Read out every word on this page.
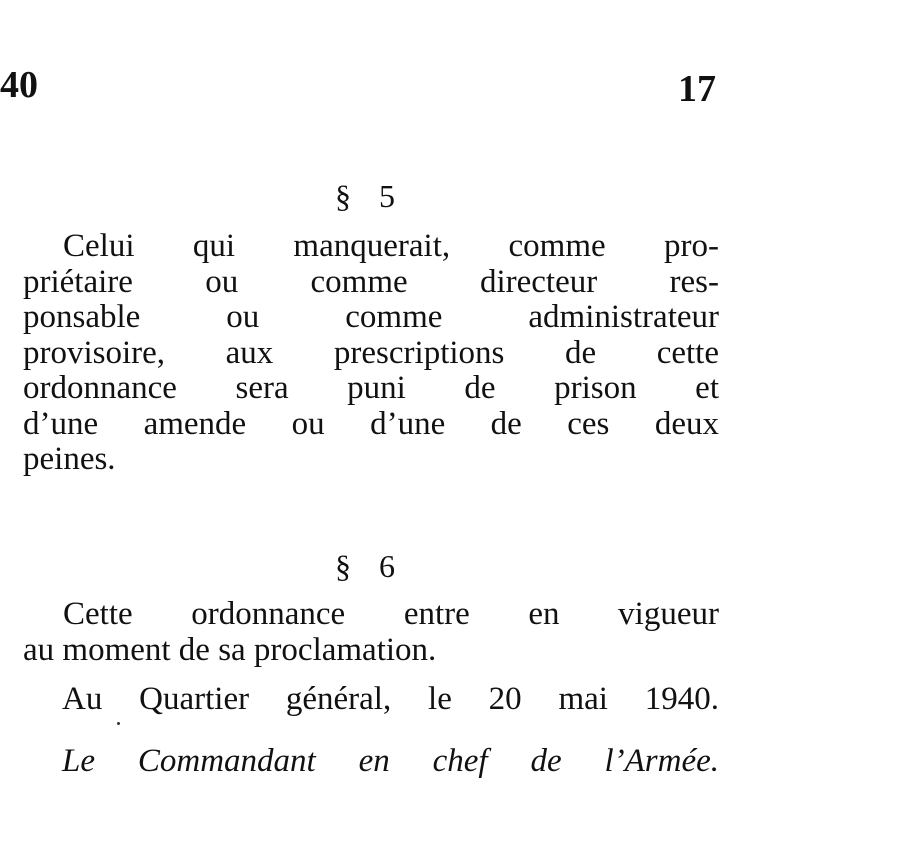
40	17
§ 5
Celui qui manquerait, comme pro-
priétaire ou comme directeur res-
ponsable ou comme administrateur
provisoire, aux prescriptions de cette
ordonnance sera puni de prison et
d’une amende ou d’une de ces deux
peines.
§ 6
Cette ordonnance entre en vigueur
au moment de sa proclamation.
Au Quartier général, le 20 mai 1940.
Le Commandant en chef de l’Armée.
